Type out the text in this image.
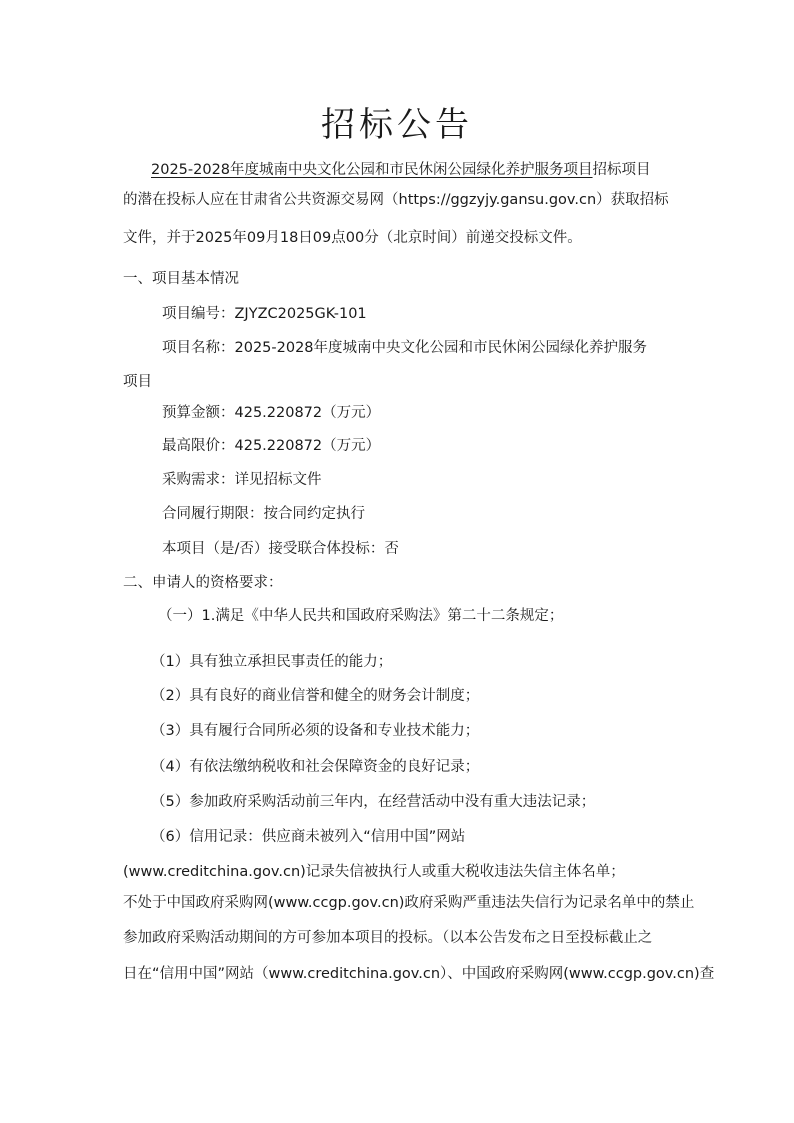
招标公告
2025-2028年度城南中央文化公园和市民休闲公园绿化养护服务项目招标项目
的潜在投标人应在甘肃省公共资源交易网（https://ggzyjy.gansu.gov.cn）获取招标
文件，并于2025年09月18日09点00分（北京时间）前递交投标文件。
一、项目基本情况
项目编号：ZJYZC2025GK-101
项目名称：2025-2028年度城南中央文化公园和市民休闲公园绿化养护服务
项目
预算金额：425.220872（万元）
最高限价：425.220872（万元）
采购需求：详见招标文件
合同履行期限：按合同约定执行
本项目（是/否）接受联合体投标：否
二、申请人的资格要求：
（一）1.满足《中华人民共和国政府采购法》第二十二条规定；
（1）具有独立承担民事责任的能力；
（2）具有良好的商业信誉和健全的财务会计制度；
（3）具有履行合同所必须的设备和专业技术能力；
（4）有依法缴纳税收和社会保障资金的良好记录；
（5）参加政府采购活动前三年内，在经营活动中没有重大违法记录；
（6）信用记录：供应商未被列入“信用中国”网站
(www.creditchina.gov.cn)记录失信被执行人或重大税收违法失信主体名单；
不处于中国政府采购网(www.ccgp.gov.cn)政府采购严重违法失信行为记录名单中的禁止
参加政府采购活动期间的方可参加本项目的投标。（以本公告发布之日至投标截止之
日在“信用中国”网站（www.creditchina.gov.cn）、中国政府采购网(www.ccgp.gov.cn)查
